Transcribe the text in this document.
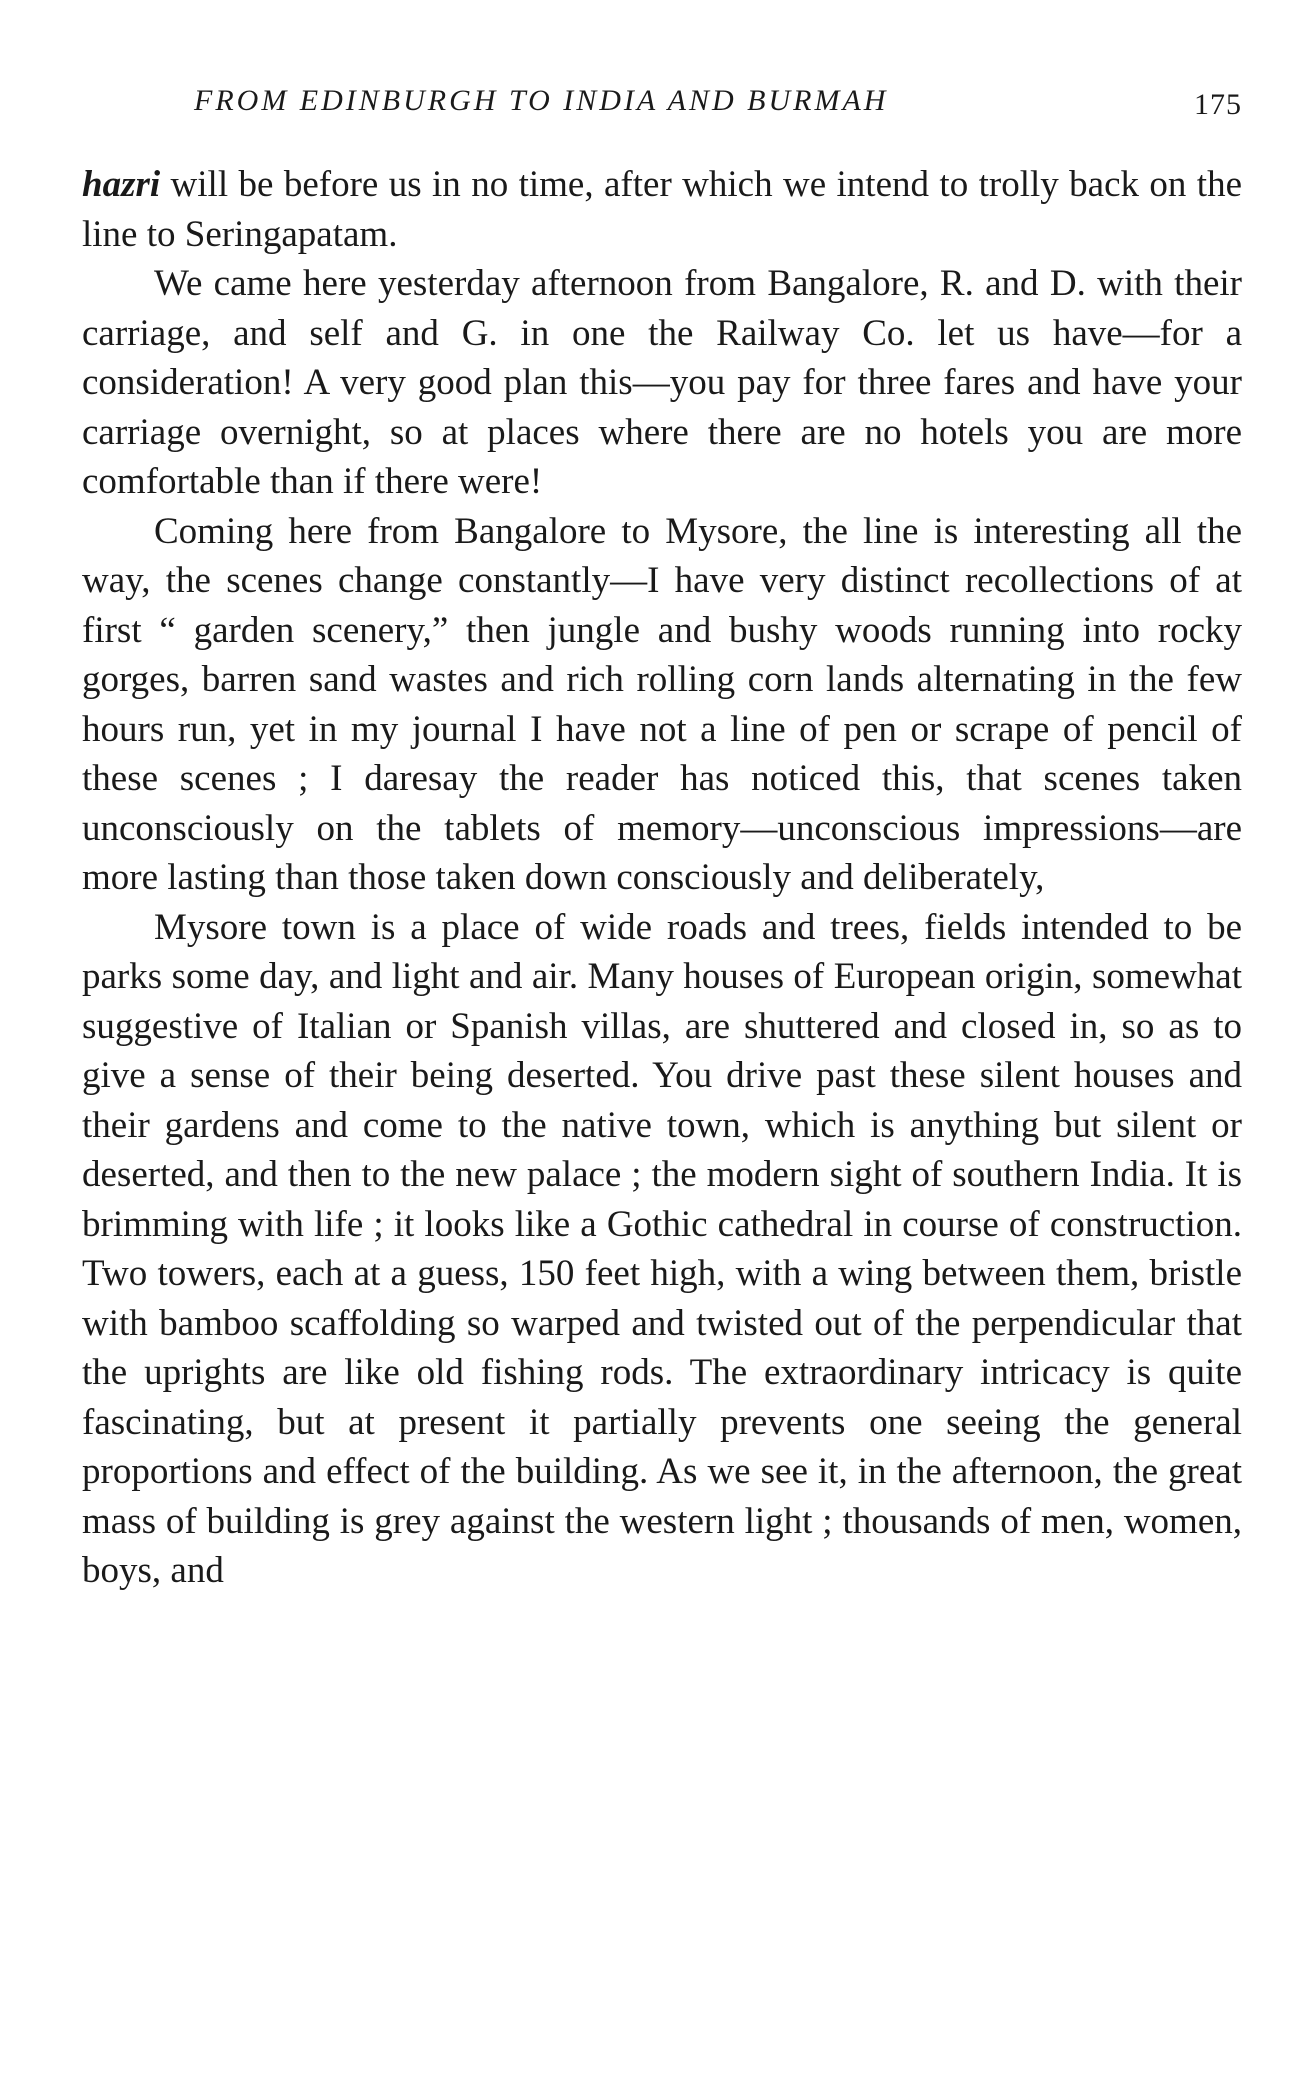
FROM EDINBURGH TO INDIA AND BURMAH	175

hazri will be before us in no time, after which we intend to trolly back on the line to Seringapatam.

We came here yesterday afternoon from Bangalore, R. and D. with their carriage, and self and G. in one the Railway Co. let us have—for a consideration! A very good plan this—you pay for three fares and have your carriage overnight, so at places where there are no hotels you are more comfortable than if there were!

Coming here from Bangalore to Mysore, the line is interesting all the way, the scenes change constantly—I have very distinct recollections of at first “ garden scenery,” then jungle and bushy woods running into rocky gorges, barren sand wastes and rich rolling corn lands alternating in the few hours run, yet in my journal I have not a line of pen or scrape of pencil of these scenes ; I daresay the reader has noticed this, that scenes taken unconsciously on the tablets of memory—unconscious impressions—are more lasting than those taken down consciously and deliberately,

Mysore town is a place of wide roads and trees, fields intended to be parks some day, and light and air. Many houses of European origin, somewhat suggestive of Italian or Spanish villas, are shuttered and closed in, so as to give a sense of their being deserted. You drive past these silent houses and their gardens and come to the native town, which is anything but silent or deserted, and then to the new palace ; the modern sight of southern India. It is brimming with life ; it looks like a Gothic cathedral in course of construction. Two towers, each at a guess, 150 feet high, with a wing between them, bristle with bamboo scaffolding so warped and twisted out of the perpendicular that the uprights are like old fishing rods. The extraordinary intricacy is quite fascinating, but at present it partially prevents one seeing the general proportions and effect of the building. As we see it, in the afternoon, the great mass of building is grey against the western light ; thousands of men, women, boys, and
